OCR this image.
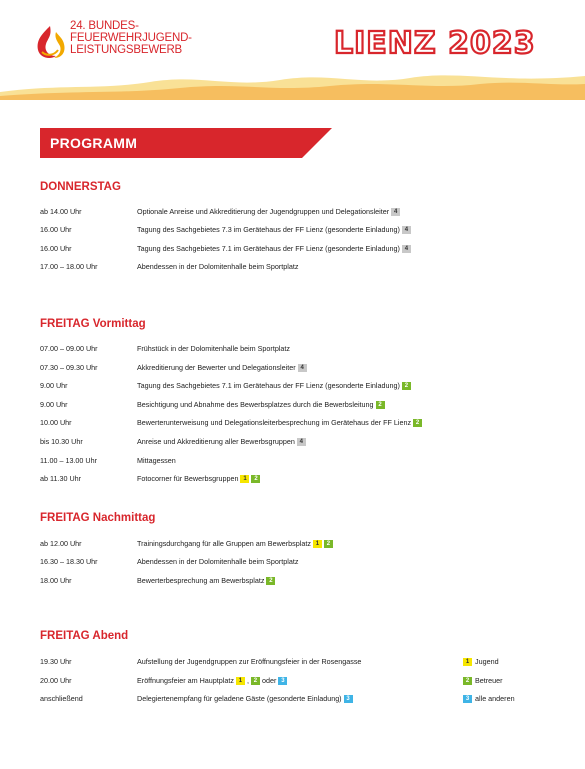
24. BUNDES-
FEUERWEHRJUGEND-
LEISTUNGSBEWERB	LIENZ 2023
PROGRAMM
DONNERSTAG
ab 14.00 Uhr	Optionale Anreise und Akkreditierung der Jugendgruppen und Delegationsleiter 4
16.00 Uhr	Tagung des Sachgebietes 7.3 im Gerätehaus der FF Lienz (gesonderte Einladung) 4
16.00 Uhr	Tagung des Sachgebietes 7.1 im Gerätehaus der FF Lienz (gesonderte Einladung) 4
17.00 – 18.00 Uhr	Abendessen in der Dolomitenhalle beim Sportplatz
FREITAG Vormittag
07.00 – 09.00 Uhr	Frühstück in der Dolomitenhalle beim Sportplatz
07.30 – 09.30 Uhr	Akkreditierung der Bewerter und Delegationsleiter 4
9.00 Uhr	Tagung des Sachgebietes 7.1 im Gerätehaus der FF Lienz (gesonderte Einladung) 2
9.00 Uhr	Besichtigung und Abnahme des Bewerbsplatzes durch die Bewerbsleitung 2
10.00 Uhr	Bewerterunterweisung und Delegationsleiterbesprechung im Gerätehaus der FF Lienz 2
bis 10.30 Uhr	Anreise und Akkreditierung aller Bewerbsgruppen 4
11.00 – 13.00 Uhr	Mittagessen
ab 11.30 Uhr	Fotocorner für Bewerbsgruppen 1 2
FREITAG Nachmittag
ab 12.00 Uhr	Trainingsdurchgang für alle Gruppen am Bewerbsplatz 1 2
16.30 – 18.30 Uhr	Abendessen in der Dolomitenhalle beim Sportplatz
18.00 Uhr	Bewerterbesprechung am Bewerbsplatz 2
FREITAG Abend
19.30 Uhr	Aufstellung der Jugendgruppen zur Eröffnungsfeier in der Rosengasse
20.00 Uhr	Eröffnungsfeier am Hauptplatz 1 , 2 oder 3
anschließend	Delegiertenempfang für geladene Gäste (gesonderte Einladung) 3
1 Jugend
2 Betreuer
3 alle anderen
